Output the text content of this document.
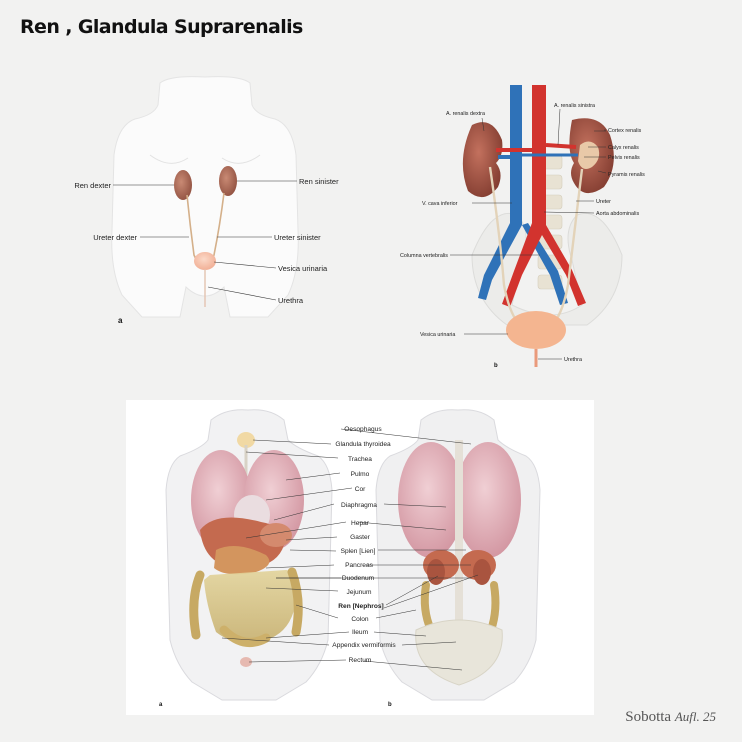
Ren , Glandula Suprarenalis
Ren dexter	Ren sinister
Ureter dexter	Ureter sinister
Vesica urinaria
Urethra
a
A. renalis dextra
A. renalis sinistra
Cortex renalis
Calyx renalis
Pelvis renalis
Pyramis renalis
V. cava inferior	Ureter
Aorta abdominalis
Columna vertebralis
Vesica urinaria
Urethra
b
Oesophagus
Glandula thyroidea
Trachea
Pulmo
Cor
Diaphragma
Hepar
Gaster
Splen [Lien]
Pancreas
Duodenum
Jejunum
Ren [Nephros]
Colon
Ileum
Appendix vermiformis
Rectum
a	b
Sobotta Aufl. 25
